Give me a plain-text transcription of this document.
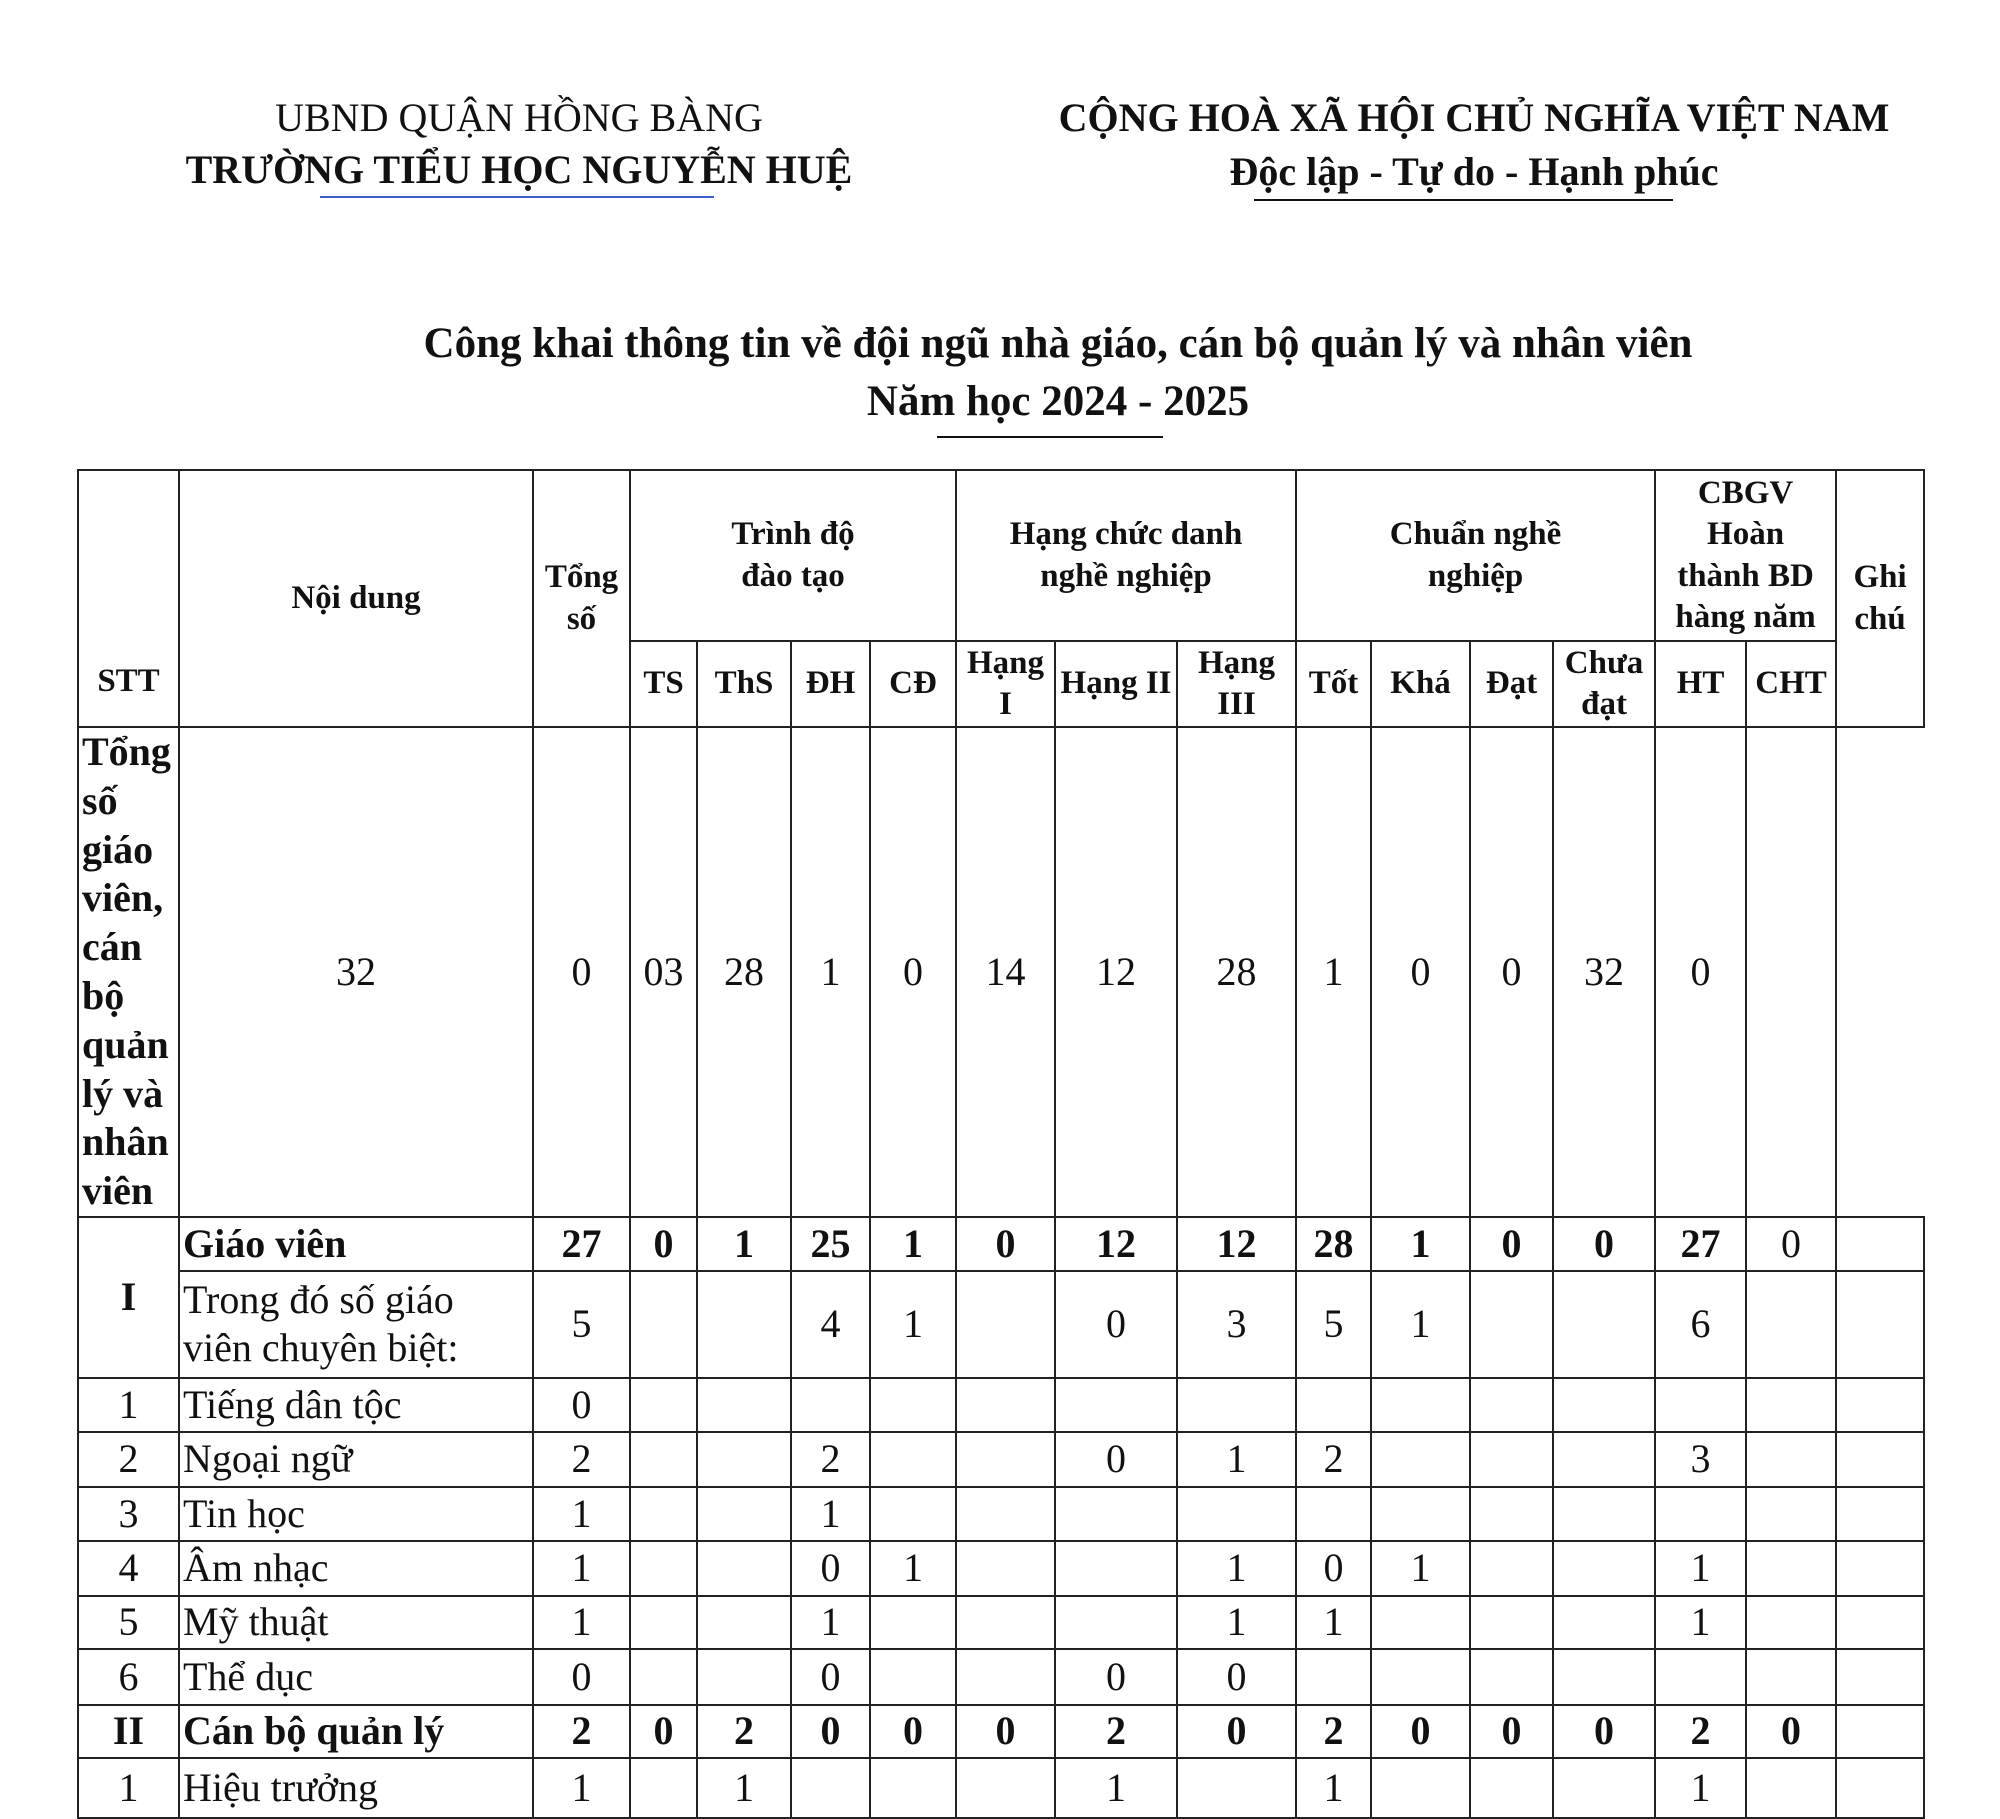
UBND QUẬN HỒNG BÀNG
TRƯỜNG TIỂU HỌC NGUYỄN HUỆ
CỘNG HOÀ XÃ HỘI CHỦ NGHĨA VIỆT NAM
Độc lập - Tự do - Hạnh phúc
Công khai thông tin về đội ngũ nhà giáo, cán bộ quản lý và nhân viên
Năm học 2024 - 2025
STT	Nội dung	Tổng số	Trình độ đào tạo				Hạng chức danh nghề nghiệp			Chuẩn nghề nghiệp				CBGV Hoàn thành BD hàng năm		Ghi chú
			TS	ThS	ĐH	CĐ	Hạng I	Hạng II	Hạng III	Tốt	Khá	Đạt	Chưa đạt	HT	CHT	
Tổng số giáo viên, cán bộ quản lý và nhân viên	32	0	03	28	1	0	14	12	28	1	0	0	32	0		
I	Giáo viên	27	0	1	25	1	0	12	12	28	1	0	0	27	0	
	Trong đó số giáo viên chuyên biệt:	5			4	1		0	3	5	1			6		
1	Tiếng dân tộc	0														
2	Ngoại ngữ	2			2			0	1	2				3		
3	Tin học	1			1											
4	Âm nhạc	1			0	1			1	0	1			1		
5	Mỹ thuật	1			1				1	1				1		
6	Thể dục	0			0			0	0							
II	Cán bộ quản lý	2	0	2	0	0	0	2	0	2	0	0	0	2	0	
1	Hiệu trưởng	1		1				1		1				1		
